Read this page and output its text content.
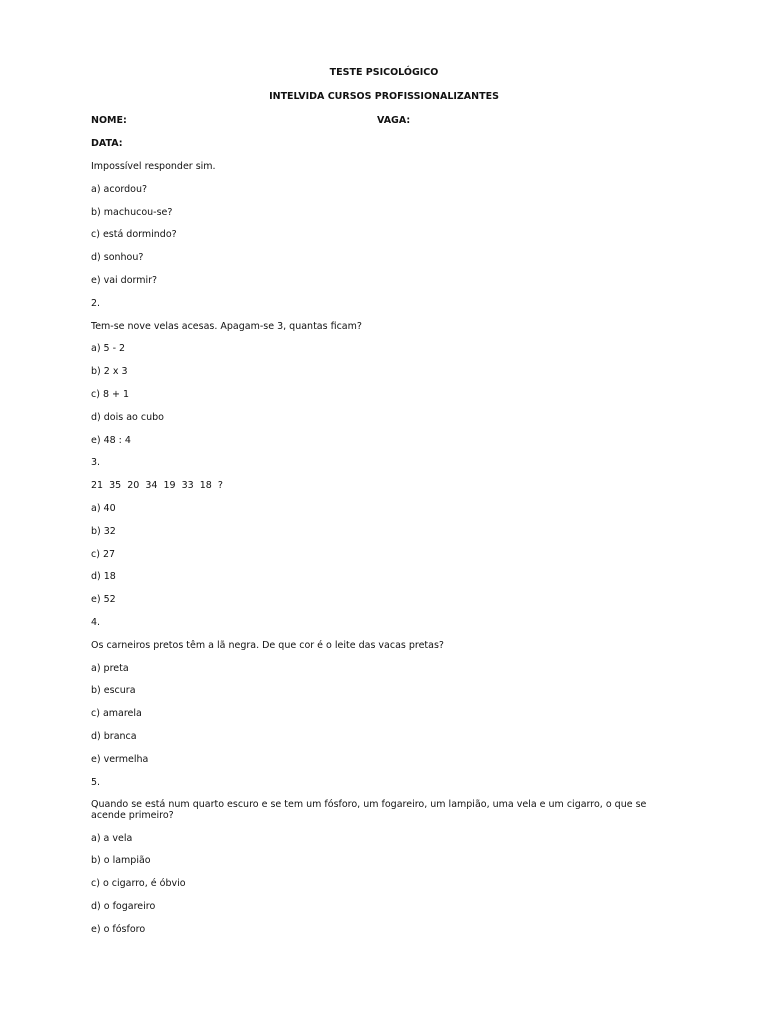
TESTE PSICOLÓGICO
INTELVIDA CURSOS PROFISSIONALIZANTES
NOME:	VAGA:
DATA:

Impossível responder sim.

a) acordou?

b) machucou-se?

c) está dormindo?

d) sonhou?

e) vai dormir?

2.

Tem-se nove velas acesas. Apagam-se 3, quantas ficam?

a) 5 - 2

b) 2 x 3

c) 8 + 1

d) dois ao cubo

e) 48 : 4

3.

21  35  20  34  19  33  18  ?

a) 40

b) 32

c) 27

d) 18

e) 52

4.

Os carneiros pretos têm a lã negra. De que cor é o leite das vacas pretas?

a) preta

b) escura

c) amarela

d) branca

e) vermelha

5.

Quando se está num quarto escuro e se tem um fósforo, um fogareiro, um lampião, uma vela e um cigarro, o que se acende primeiro?

a) a vela

b) o lampião

c) o cigarro, é óbvio

d) o fogareiro

e) o fósforo
